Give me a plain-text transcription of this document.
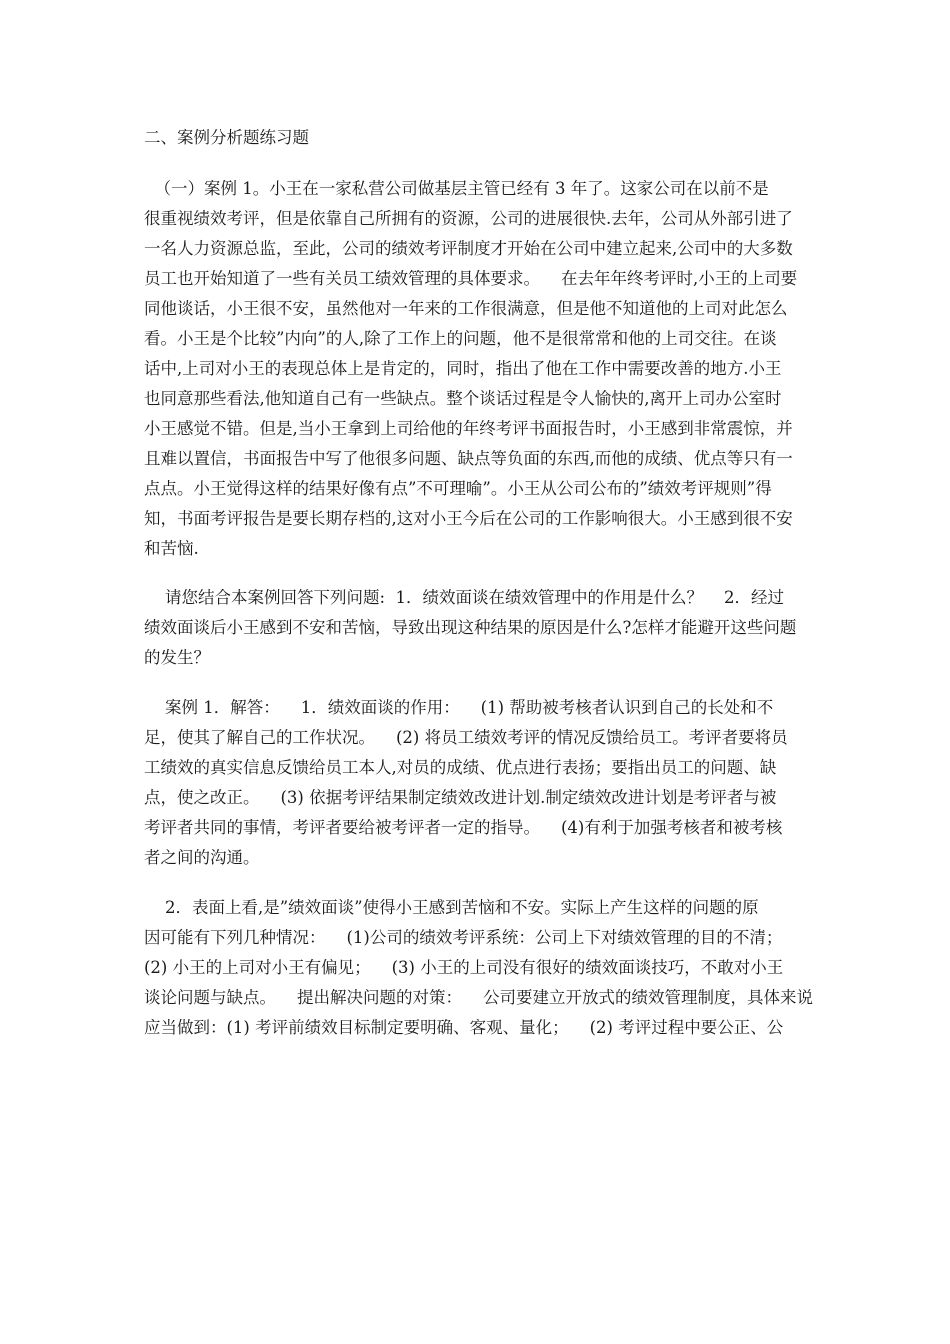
二、案例分析题练习题
（一）案例 1。小王在一家私营公司做基层主管已经有 3 年了。这家公司在以前不是
很重视绩效考评，但是依靠自己所拥有的资源，公司的进展很快.去年，公司从外部引进了
一名人力资源总监，至此，公司的绩效考评制度才开始在公司中建立起来,公司中的大多数
员工也开始知道了一些有关员工绩效管理的具体要求。    在去年年终考评时,小王的上司要
同他谈话，小王很不安，虽然他对一年来的工作很满意，但是他不知道他的上司对此怎么
看。小王是个比较”内向”的人,除了工作上的问题，他不是很常常和他的上司交往。在谈
话中,上司对小王的表现总体上是肯定的，同时，指出了他在工作中需要改善的地方.小王
也同意那些看法,他知道自己有一些缺点。整个谈话过程是令人愉快的,离开上司办公室时
小王感觉不错。但是,当小王拿到上司给他的年终考评书面报告时，小王感到非常震惊，并
且难以置信，书面报告中写了他很多问题、缺点等负面的东西,而他的成绩、优点等只有一
点点。小王觉得这样的结果好像有点”不可理喻”。小王从公司公布的”绩效考评规则”得
知，书面考评报告是要长期存档的,这对小王今后在公司的工作影响很大。小王感到很不安
和苦恼.
请您结合本案例回答下列问题:  1．绩效面谈在绩效管理中的作用是什么？    2．经过
绩效面谈后小王感到不安和苦恼，导致出现这种结果的原因是什么?怎样才能避开这些问题
的发生？
案例 1．解答：    1．绩效面谈的作用：    (1) 帮助被考核者认识到自己的长处和不
足，使其了解自己的工作状况。    (2) 将员工绩效考评的情况反馈给员工。考评者要将员
工绩效的真实信息反馈给员工本人,对员的成绩、优点进行表扬；要指出员工的问题、缺
点，使之改正。    (3) 依据考评结果制定绩效改进计划.制定绩效改进计划是考评者与被
考评者共同的事情，考评者要给被考评者一定的指导。    (4)有利于加强考核者和被考核
者之间的沟通。
2．表面上看,是”绩效面谈”使得小王感到苦恼和不安。实际上产生这样的问题的原
因可能有下列几种情况：    (1)公司的绩效考评系统：公司上下对绩效管理的目的不清；
(2) 小王的上司对小王有偏见；    (3) 小王的上司没有很好的绩效面谈技巧，不敢对小王
谈论问题与缺点。    提出解决问题的对策：    公司要建立开放式的绩效管理制度，具体来说
应当做到：(1) 考评前绩效目标制定要明确、客观、量化；    (2) 考评过程中要公正、公
